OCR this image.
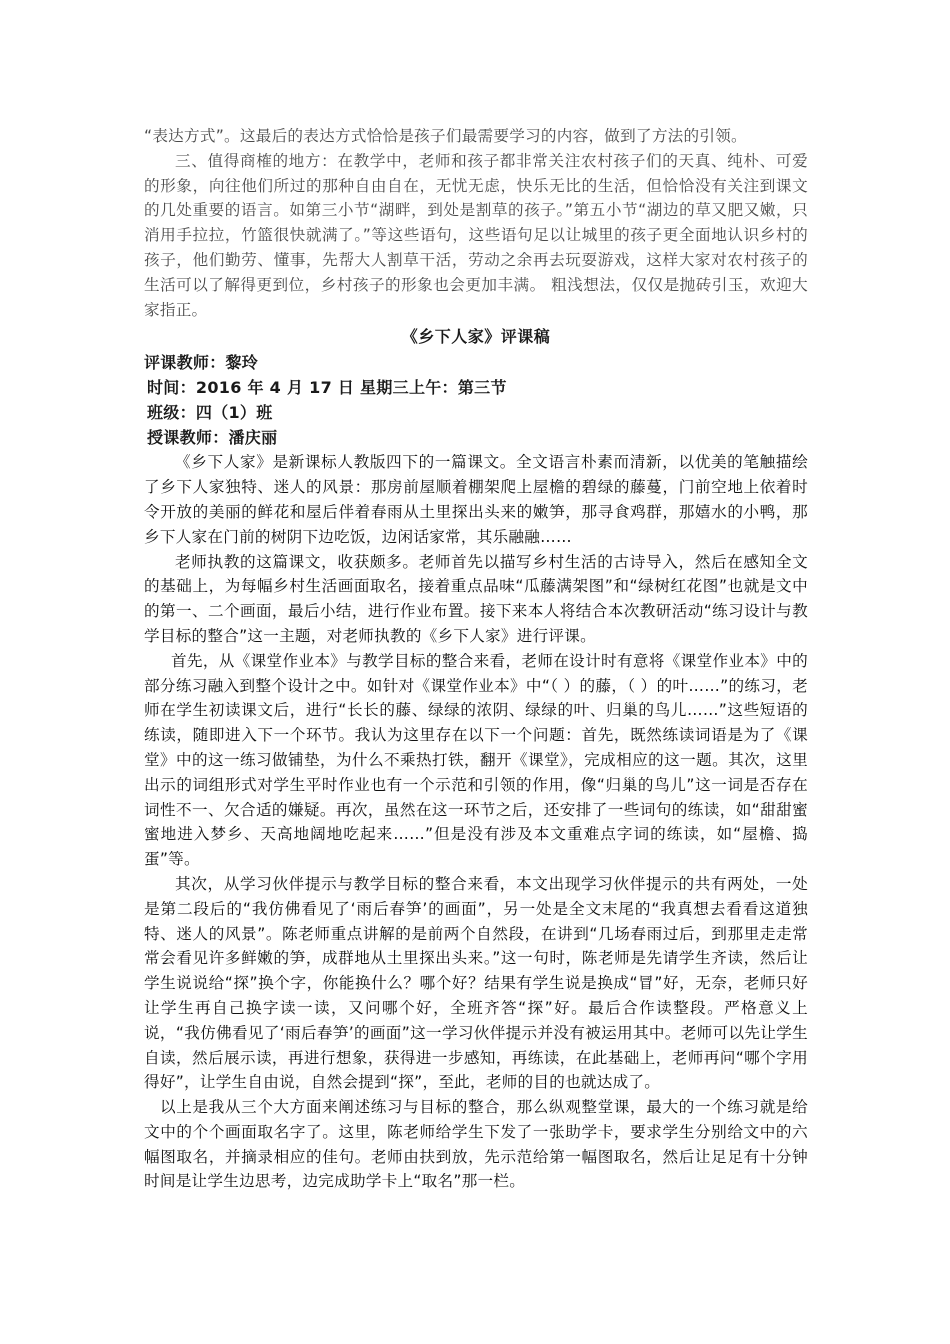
“表达方式”。这最后的表达方式恰恰是孩子们最需要学习的内容，做到了方法的引领。

三、值得商榷的地方：在教学中，老师和孩子都非常关注农村孩子们的天真、纯朴、可爱的形象，向往他们所过的那种自由自在，无忧无虑，快乐无比的生活，但恰恰没有关注到课文的几处重要的语言。如第三小节“湖畔，到处是割草的孩子。”第五小节“湖边的草又肥又嫩，只消用手拉拉，竹篮很快就满了。”等这些语句，这些语句足以让城里的孩子更全面地认识乡村的孩子，他们勤劳、懂事，先帮大人割草干活，劳动之余再去玩耍游戏，这样大家对农村孩子的生活可以了解得更到位，乡村孩子的形象也会更加丰满。 粗浅想法，仅仅是抛砖引玉，欢迎大家指正。

《乡下人家》评课稿

评课教师：黎玲

时间：2016 年 4 月 17 日 星期三上午：第三节

班级：四（1）班

授课教师：潘庆丽

《乡下人家》是新课标人教版四下的一篇课文。全文语言朴素而清新，以优美的笔触描绘了乡下人家独特、迷人的风景：那房前屋顺着棚架爬上屋檐的碧绿的藤蔓，门前空地上依着时令开放的美丽的鲜花和屋后伴着春雨从土里探出头来的嫩笋，那寻食鸡群，那嬉水的小鸭，那乡下人家在门前的树阴下边吃饭，边闲话家常，其乐融融……

老师执教的这篇课文，收获颇多。老师首先以描写乡村生活的古诗导入，然后在感知全文的基础上，为每幅乡村生活画面取名，接着重点品味“瓜藤满架图”和“绿树红花图”也就是文中的第一、二个画面，最后小结，进行作业布置。接下来本人将结合本次教研活动“练习设计与教学目标的整合”这一主题，对老师执教的《乡下人家》进行评课。

首先，从《课堂作业本》与教学目标的整合来看，老师在设计时有意将《课堂作业本》中的部分练习融入到整个设计之中。如针对《课堂作业本》中“（ ）的藤，（ ）的叶……”的练习，老师在学生初读课文后，进行“长长的藤、绿绿的浓阴、绿绿的叶、归巢的鸟儿……”这些短语的练读，随即进入下一个环节。我认为这里存在以下一个问题：首先，既然练读词语是为了《课堂》中的这一练习做铺垫，为什么不乘热打铁，翻开《课堂》，完成相应的这一题。其次，这里出示的词组形式对学生平时作业也有一个示范和引领的作用，像“归巢的鸟儿”这一词是否存在词性不一、欠合适的嫌疑。再次，虽然在这一环节之后，还安排了一些词句的练读，如“甜甜蜜蜜地进入梦乡、天高地阔地吃起来……”但是没有涉及本文重难点字词的练读，如“屋檐、捣蛋”等。

其次，从学习伙伴提示与教学目标的整合来看，本文出现学习伙伴提示的共有两处，一处是第二段后的“我仿佛看见了‘雨后春笋’的画面”，另一处是全文末尾的“我真想去看看这道独特、迷人的风景”。陈老师重点讲解的是前两个自然段，在讲到“几场春雨过后，到那里走走常常会看见许多鲜嫩的笋，成群地从土里探出头来。”这一句时，陈老师是先请学生齐读，然后让学生说说给“探”换个字，你能换什么？哪个好？结果有学生说是换成“冒”好，无奈，老师只好让学生再自己换字读一读，又问哪个好，全班齐答“探”好。最后合作读整段。严格意义上说，“我仿佛看见了‘雨后春笋’的画面”这一学习伙伴提示并没有被运用其中。老师可以先让学生自读，然后展示读，再进行想象，获得进一步感知，再练读，在此基础上，老师再问“哪个字用得好”，让学生自由说，自然会提到“探”，至此，老师的目的也就达成了。

以上是我从三个大方面来阐述练习与目标的整合，那么纵观整堂课，最大的一个练习就是给文中的个个画面取名字了。这里，陈老师给学生下发了一张助学卡，要求学生分别给文中的六幅图取名，并摘录相应的佳句。老师由扶到放，先示范给第一幅图取名，然后让足足有十分钟时间是让学生边思考，边完成助学卡上“取名”那一栏。
